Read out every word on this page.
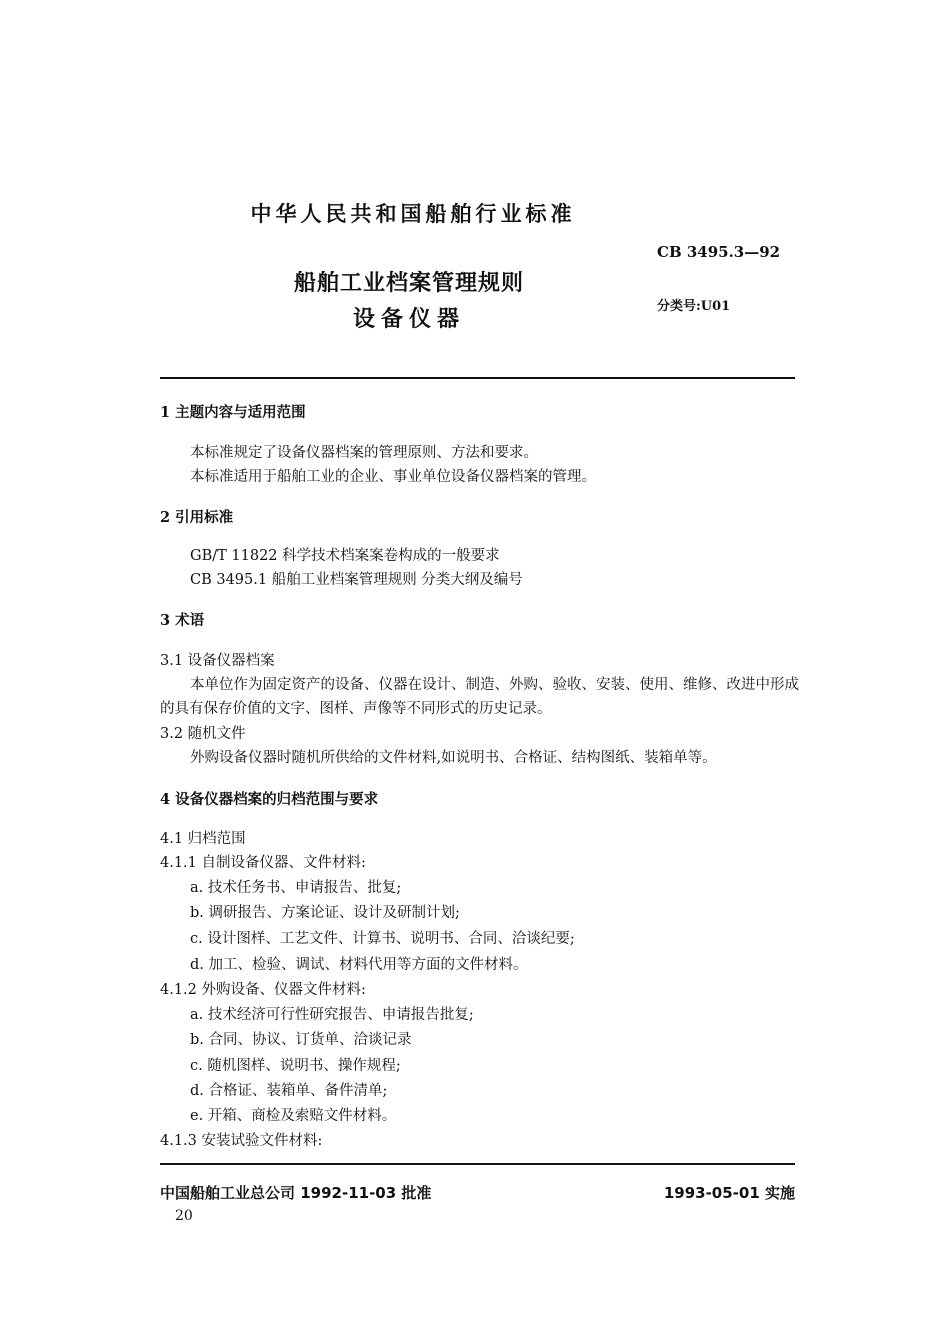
中华人民共和国船舶行业标准
CB 3495.3—92
船舶工业档案管理规则
设备仪器
分类号:U01
1 主题内容与适用范围
本标准规定了设备仪器档案的管理原则、方法和要求。
本标准适用于船舶工业的企业、事业单位设备仪器档案的管理。
2 引用标准
GB/T 11822 科学技术档案案卷构成的一般要求
CB 3495.1 船舶工业档案管理规则 分类大纲及编号
3 术语
3.1 设备仪器档案
本单位作为固定资产的设备、仪器在设计、制造、外购、验收、安装、使用、维修、改进中形成
的具有保存价值的文字、图样、声像等不同形式的历史记录。
3.2 随机文件
外购设备仪器时随机所供给的文件材料,如说明书、合格证、结构图纸、装箱单等。
4 设备仪器档案的归档范围与要求
4.1 归档范围
4.1.1 自制设备仪器、文件材料:
a. 技术任务书、申请报告、批复;
b. 调研报告、方案论证、设计及研制计划;
c. 设计图样、工艺文件、计算书、说明书、合同、洽谈纪要;
d. 加工、检验、调试、材料代用等方面的文件材料。
4.1.2 外购设备、仪器文件材料:
a. 技术经济可行性研究报告、申请报告批复;
b. 合同、协议、订货单、洽谈记录
c. 随机图样、说明书、操作规程;
d. 合格证、装箱单、备件清单;
e. 开箱、商检及索赔文件材料。
4.1.3 安装试验文件材料:
中国船舶工业总公司 1992-11-03 批准	1993-05-01 实施
20
